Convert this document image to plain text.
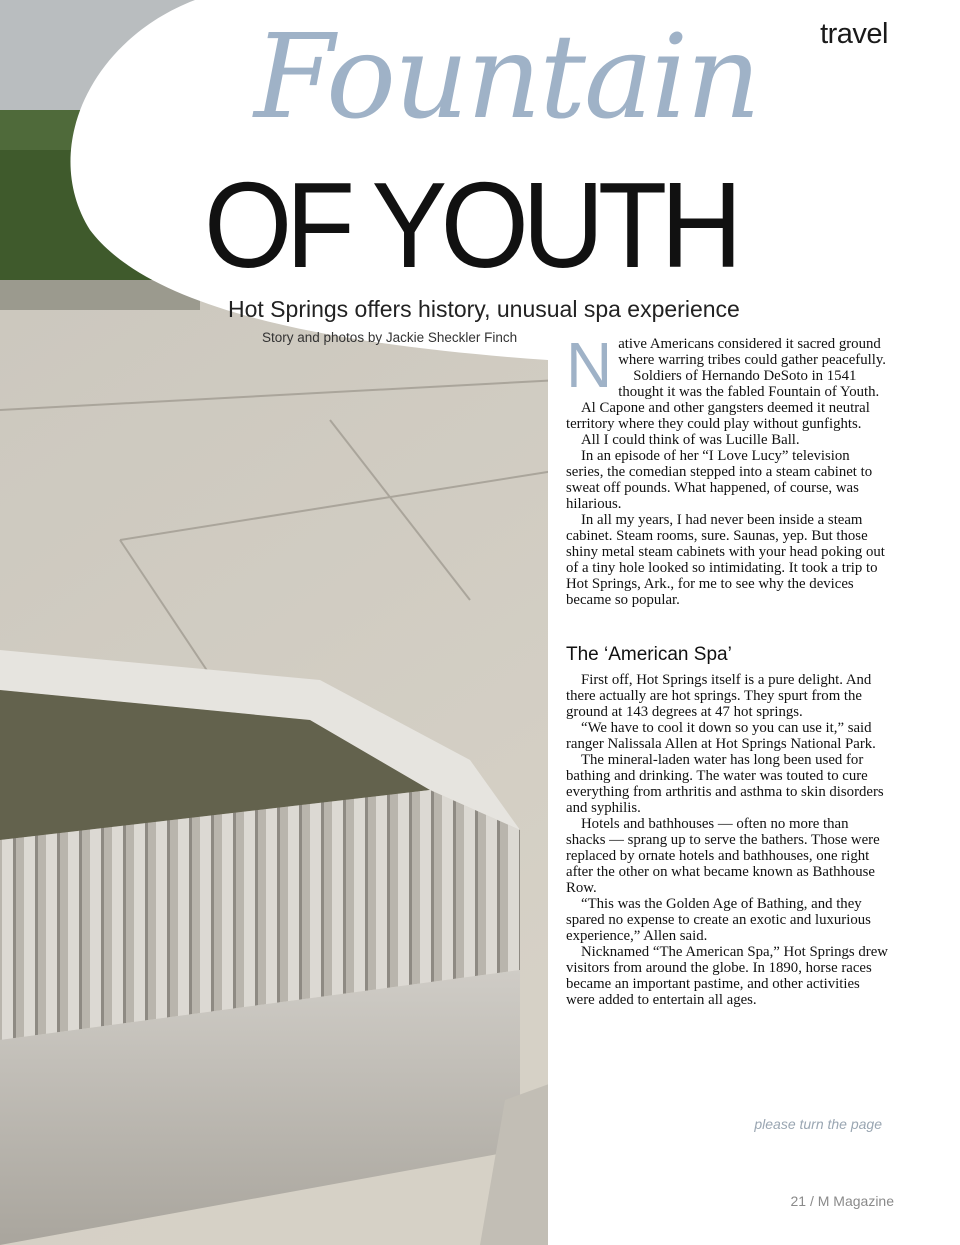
travel

Fountain
OF YOUTH
Hot Springs offers history, unusual spa experience

Story and photos by Jackie Sheckler Finch N ative Americans considered it sacred ground where warring tribes could gather peacefully.

Soldiers of Hernando DeSoto in 1541 thought it was the fabled Fountain of Youth.

Al Capone and other gangsters deemed it neutral territory where they could play without gunfights.

All I could think of was Lucille Ball.

In an episode of her “I Love Lucy” television series, the comedian stepped into a steam cabinet to sweat off pounds. What happened, of course, was hilarious.

In all my years, I had never been inside a steam cabinet. Steam rooms, sure. Saunas, yep. But those shiny metal steam cabinets with your head poking out of a tiny hole looked so intimidating. It took a trip to Hot Springs, Ark., for me to see why the devices became so popular.

The ‘American Spa’

First off, Hot Springs itself is a pure delight. And there actually are hot springs. They spurt from the ground at 143 degrees at 47 hot springs.

“We have to cool it down so you can use it,” said ranger Nalissala Allen at Hot Springs National Park.

The mineral-laden water has long been used for bathing and drinking. The water was touted to cure everything from arthritis and asthma to skin disorders and syphilis.

Hotels and bathhouses — often no more than shacks — sprang up to serve the bathers. Those were replaced by ornate hotels and bathhouses, one right after the other on what became known as Bathhouse Row.

“This was the Golden Age of Bathing, and they spared no expense to create an exotic and luxurious experience,” Allen said.

Nicknamed “The American Spa,” Hot Springs drew visitors from around the globe. In 1890, horse races became an important pastime, and other activities were added to entertain all ages.

please turn the page

21 / M Magazine
